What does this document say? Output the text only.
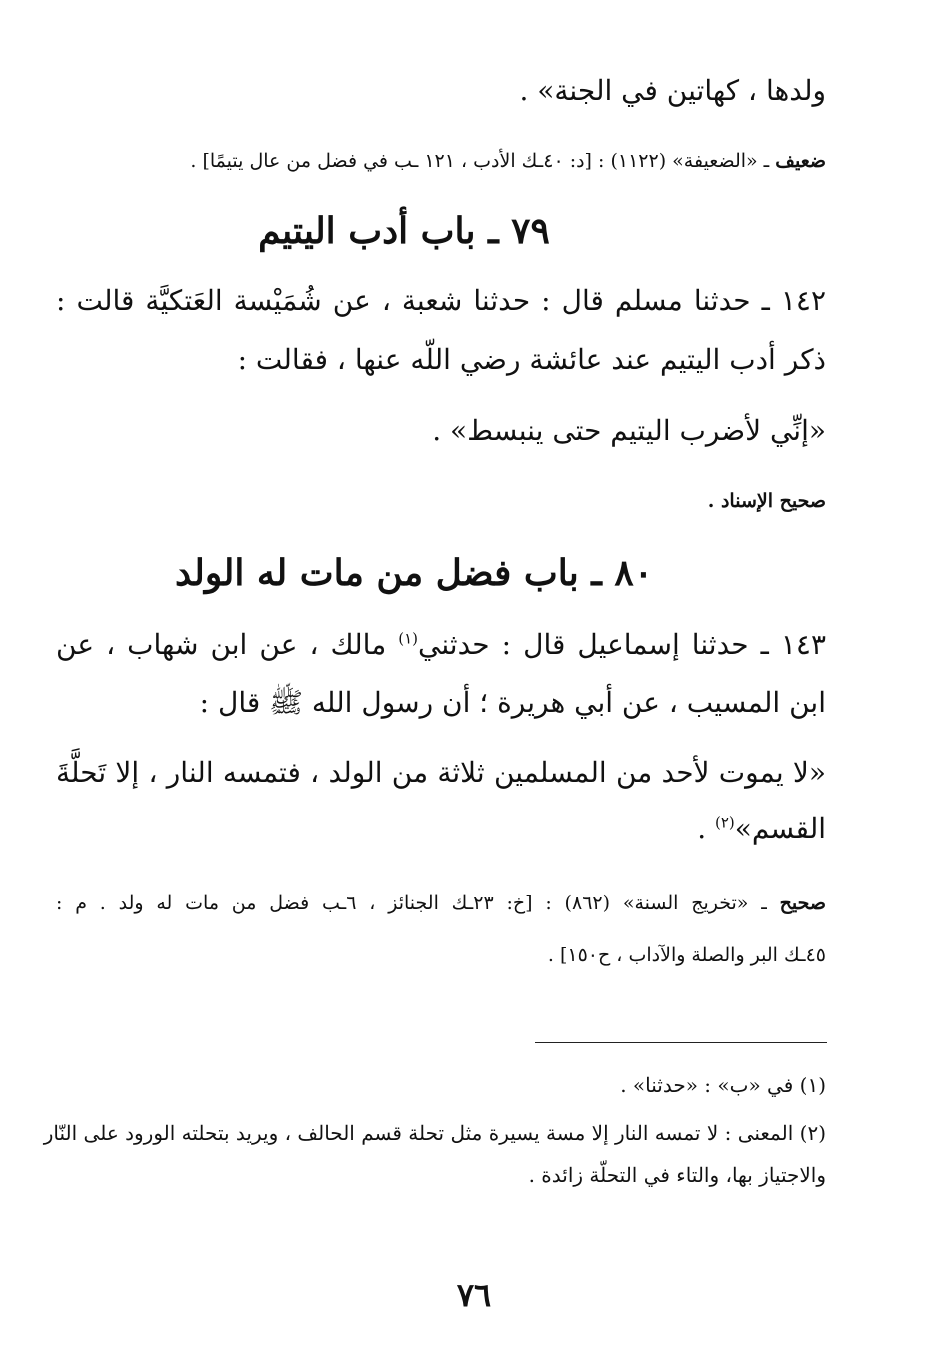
ولدها ، كهاتين في الجنة» .
ضعيف ـ «الضعيفة» (١١٢٢) : [د: ٤٠ـك الأدب ، ١٢١ ـب في فضل من عال يتيمًا] .
٧٩ ـ باب أدب اليتيم
١٤٢ ـ حدثنا مسلم قال : حدثنا شعبة ، عن شُمَيْسة العَتكيَّة قالت :
ذكر أدب اليتيم عند عائشة رضي اللّه عنها ، فقالت :
«إنِّي لأضرب اليتيم حتى ينبسط» .
صحيح الإسناد .
٨٠ ـ باب فضل من مات له الولد
١٤٣ ـ حدثنا إسماعيل قال : حدثني$^{(١)}$ مالك ، عن ابن شهاب ، عن
ابن المسيب ، عن أبي هريرة ؛ أن رسول الله ﷺ قال :
«لا يموت لأحد من المسلمين ثلاثة من الولد ، فتمسه النار ، إلا تَحلَّةَ
القسم»$^{(٢)}$ .
صحيح ـ «تخريج السنة» (٨٦٢) : [خ: ٢٣ـك الجنائز ، ٦ـب فضل من مات له ولد . م :
٤٥ـك البر والصلة والآداب ، ح١٥٠] .
(١) في «ب» : «حدثنا» .
(٢) المعنى : لا تمسه النار إلا مسة يسيرة مثل تحلة قسم الحالف ، ويريد بتحلته الورود على النّار
والاجتياز بها، والتاء في التحلّة زائدة .
٧٦
